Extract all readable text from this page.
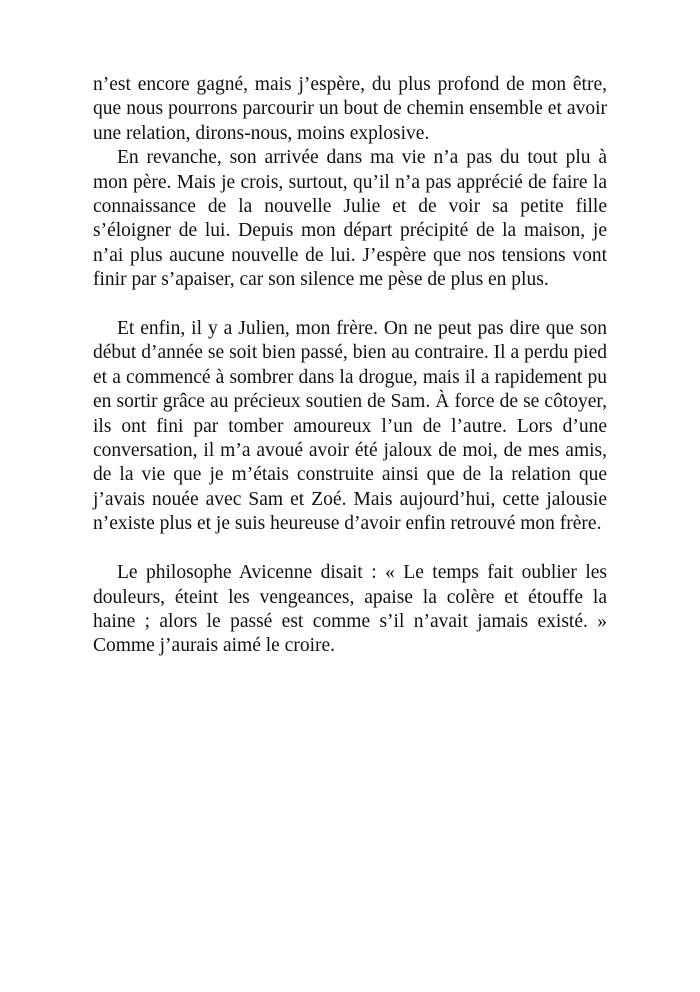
n’est encore gagné, mais j’espère, du plus profond de mon être, que nous pourrons parcourir un bout de chemin ensemble et avoir une relation, dirons-nous, moins explosive.

En revanche, son arrivée dans ma vie n’a pas du tout plu à mon père. Mais je crois, surtout, qu’il n’a pas apprécié de faire la connaissance de la nouvelle Julie et de voir sa petite fille s’éloigner de lui. Depuis mon départ précipité de la maison, je n’ai plus aucune nouvelle de lui. J’espère que nos tensions vont finir par s’apaiser, car son silence me pèse de plus en plus.

Et enfin, il y a Julien, mon frère. On ne peut pas dire que son début d’année se soit bien passé, bien au contraire. Il a perdu pied et a commencé à sombrer dans la drogue, mais il a rapidement pu en sortir grâce au précieux soutien de Sam. À force de se côtoyer, ils ont fini par tomber amoureux l’un de l’autre. Lors d’une conversation, il m’a avoué avoir été jaloux de moi, de mes amis, de la vie que je m’étais construite ainsi que de la relation que j’avais nouée avec Sam et Zoé. Mais aujourd’hui, cette jalousie n’existe plus et je suis heureuse d’avoir enfin retrouvé mon frère.

Le philosophe Avicenne disait : « Le temps fait oublier les douleurs, éteint les vengeances, apaise la colère et étouffe la haine ; alors le passé est comme s’il n’avait jamais existé. » Comme j’aurais aimé le croire.
